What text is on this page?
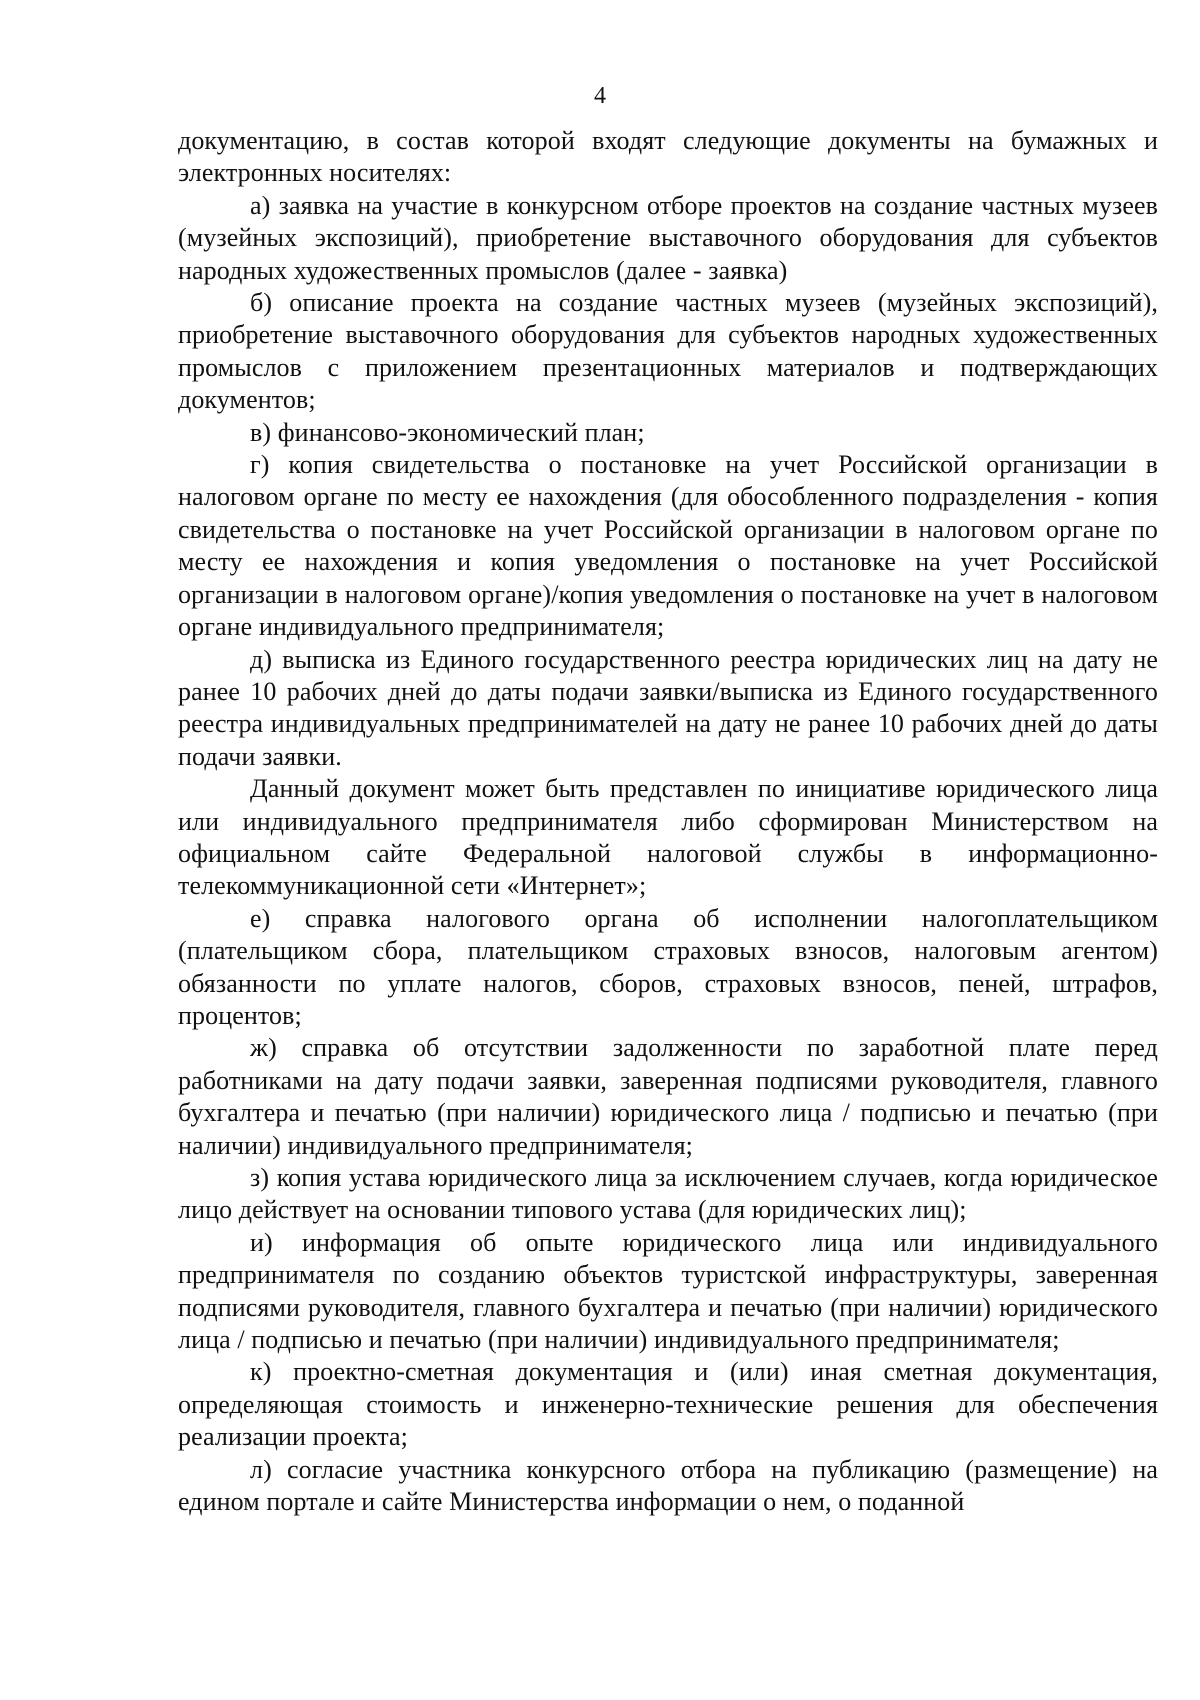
4

документацию, в состав которой входят следующие документы на бумажных и электронных носителях:

а) заявка на участие в конкурсном отборе проектов на создание частных музеев (музейных экспозиций), приобретение выставочного оборудования для субъектов народных художественных промыслов (далее - заявка)

б) описание проекта на создание частных музеев (музейных экспозиций), приобретение выставочного оборудования для субъектов народных художественных промыслов с приложением презентационных материалов и подтверждающих документов;

в) финансово-экономический план;

г) копия свидетельства о постановке на учет Российской организации в налоговом органе по месту ее нахождения (для обособленного подразделения - копия свидетельства о постановке на учет Российской организации в налоговом органе по месту ее нахождения и копия уведомления о постановке на учет Российской организации в налоговом органе)/копия уведомления о постановке на учет в налоговом органе индивидуального предпринимателя;

д) выписка из Единого государственного реестра юридических лиц на дату не ранее 10 рабочих дней до даты подачи заявки/выписка из Единого государственного реестра индивидуальных предпринимателей на дату не ранее 10 рабочих дней до даты подачи заявки.

Данный документ может быть представлен по инициативе юридического лица или индивидуального предпринимателя либо сформирован Министерством на официальном сайте Федеральной налоговой службы в информационно-телекоммуникационной сети «Интернет»;

е) справка налогового органа об исполнении налогоплательщиком (плательщиком сбора, плательщиком страховых взносов, налоговым агентом) обязанности по уплате налогов, сборов, страховых взносов, пеней, штрафов, процентов;

ж) справка об отсутствии задолженности по заработной плате перед работниками на дату подачи заявки, заверенная подписями руководителя, главного бухгалтера и печатью (при наличии) юридического лица / подписью и печатью (при наличии) индивидуального предпринимателя;

з) копия устава юридического лица за исключением случаев, когда юридическое лицо действует на основании типового устава (для юридических лиц);

и) информация об опыте юридического лица или индивидуального предпринимателя по созданию объектов туристской инфраструктуры, заверенная подписями руководителя, главного бухгалтера и печатью (при наличии) юридического лица / подписью и печатью (при наличии) индивидуального предпринимателя;

к) проектно-сметная документация и (или) иная сметная документация, определяющая стоимость и инженерно-технические решения для обеспечения реализации проекта;

л) согласие участника конкурсного отбора на публикацию (размещение) на едином портале и сайте Министерства информации о нем, о поданной
